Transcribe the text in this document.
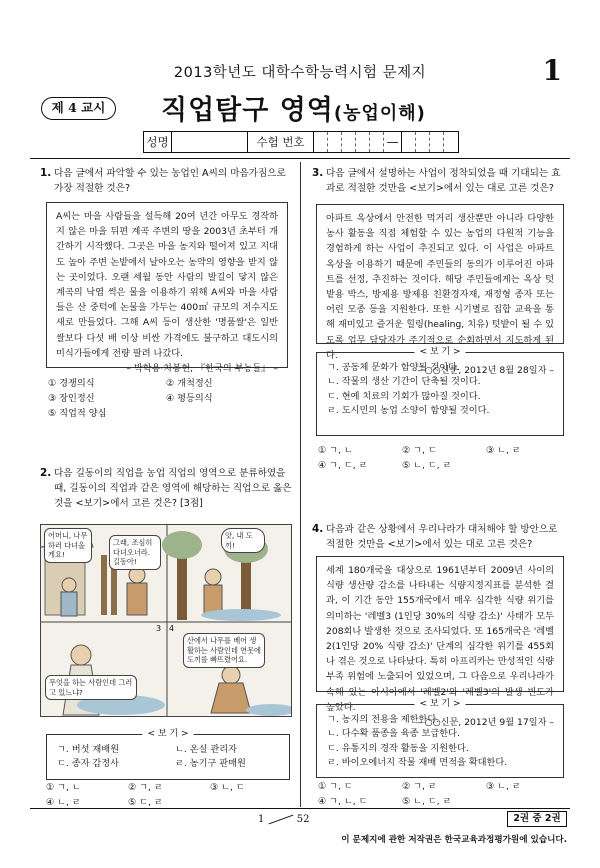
2013학년도 대학수학능력시험 문제지	1
제 4 교시	직업탐구 영역(농업이해)
성명	수험 번호	—
1. 다음 글에서 파악할 수 있는 농업인 A씨의 마음가짐으로 가장 적절한 것은?
A씨는 마을 사람들을 설득해 20여 년간 아무도 경작하지 않은 마을 뒤편 계곡 주변의 땅을 2003년 초부터 개간하기 시작했다. 그곳은 마을 농지와 떨어져 있고 지대도 높아 주변 논밭에서 날아오는 농약의 영향을 받지 않는 곳이었다. 오랜 세월 동안 사람의 발길이 닿지 않은 계곡의 낙엽 썩은 물을 이용하기 위해 A씨와 마을 사람들은 산 중턱에 논물을 가두는 400㎡ 규모의 저수지도 새로 만들었다. 그해 A씨 등이 생산한 '명품쌀'은 일반 쌀보다 다섯 배 이상 비싼 가격에도 불구하고 대도시의 미식가들에게 전량 팔려 나갔다.
– 박학용·차봉현, 『한국의 부농들』 –
① 경쟁의식	② 개척정신
③ 장인정신	④ 평등의식
⑤ 직업적 양심
2. 다음 길동이의 직업을 농업 직업의 영역으로 분류하였을 때, 길동이의 직업과 같은 영역에 해당하는 직업으로 옳은 것을 <보기>에서 고른 것은? [3점]
어머니, 나무하러 다녀올게요!
그래, 조심히 다녀오너라. 길동아!
앗, 내 도끼!
3 4
무엇을 하는 사람인데 그러고 있느냐?
산에서 나무를 베어 생활하는 사람인데 연못에 도끼를 빠뜨렸어요.
< 보 기 >
ㄱ. 버섯 재배원	ㄴ. 온실 관리자
ㄷ. 종자 감정사	ㄹ. 농기구 판매원
① ㄱ, ㄴ	② ㄱ, ㄹ	③ ㄴ, ㄷ
④ ㄴ, ㄹ	⑤ ㄷ, ㄹ
3. 다음 글에서 설명하는 사업이 정착되었을 때 기대되는 효과로 적절한 것만을 <보기>에서 있는 대로 고른 것은?
아파트 옥상에서 안전한 먹거리 생산뿐만 아니라 다양한 농사 활동을 직접 체험할 수 있는 농업의 다원적 기능을 경험하게 하는 사업이 추진되고 있다. 이 사업은 아파트 옥상을 이용하기 때문에 주민들의 동의가 이루어진 아파트를 선정, 추진하는 것이다. 해당 주민들에게는 옥상 텃밭용 박스, 방제용 방제용 친환경자재, 재정형 종자 또는 어린 모종 등을 지원한다. 또한 시기별로 집합 교육을 통해 재미있고 즐거운 힐링(healing, 치유) 텃밭이 될 수 있도록 업무 담당자가 주기적으로 순회하면서 지도하게 된다.
– ○○신문, 2012년 8월 28일자 –
< 보 기 >
ㄱ. 공동체 문화가 함양될 것이다.
ㄴ. 작물의 생산 기간이 단축될 것이다.
ㄷ. 현예 치료의 기회가 많아질 것이다.
ㄹ. 도시민의 농업 소양이 함양될 것이다.
① ㄱ, ㄴ	② ㄱ, ㄷ	③ ㄴ, ㄹ
④ ㄱ, ㄷ, ㄹ	⑤ ㄴ, ㄷ, ㄹ
4. 다음과 같은 상황에서 우리나라가 대처해야 할 방안으로 적절한 것만을 <보기>에서 있는 대로 고른 것은?
세계 180개국을 대상으로 1961년부터 2009년 사이의 식량 생산량 감소를 나타내는 식량지정지표를 분석한 결과, 이 기간 동안 155개국에서 매우 심각한 식량 위기를 의미하는 '레벨3 (1인당 30%의 식량 감소)' 사태가 모두 208회나 발생한 것으로 조사되었다. 또 165개국은 '레벨2(1인당 20% 식량 감소)' 단계의 심각한 위기를 455회나 겪은 것으로 나타났다. 특히 아프리카는 만성적인 식량 부족 위험에 노출되어 있었으며, 그 다음으로 우리나라가 속해 있는 아시아에서 '레벨2'와 '레벨3'의 발생 빈도가 높았다.
– ○○신문, 2012년 9월 17일자 –
< 보 기 >
ㄱ. 농지의 전용을 제한한다.
ㄴ. 다수확 품종을 육종 보급한다.
ㄷ. 유통지의 경작 활동을 지원한다.
ㄹ. 바이오에너지 작물 재배 면적을 확대한다.
① ㄱ, ㄷ	② ㄱ, ㄹ	③ ㄴ, ㄹ
④ ㄱ, ㄴ, ㄷ	⑤ ㄴ, ㄷ, ㄹ
1	52	2권 중 2권
이 문제지에 관한 저작권은 한국교육과정평가원에 있습니다.
